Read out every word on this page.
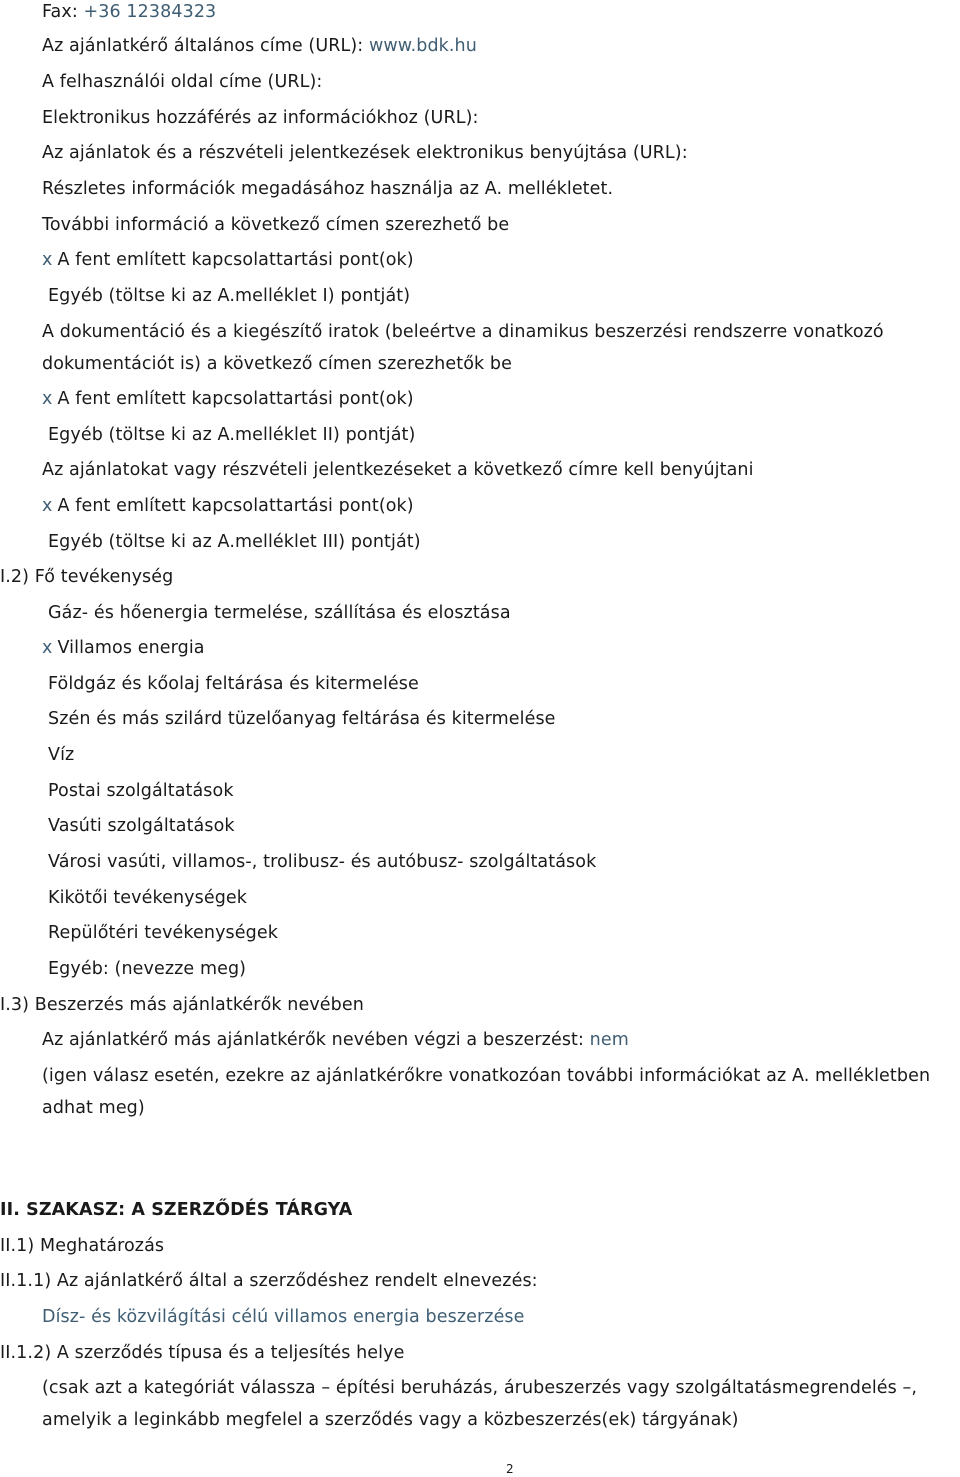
Fax: +36 12384323
Az ajánlatkérő általános címe (URL): www.bdk.hu
A felhasználói oldal címe (URL):
Elektronikus hozzáférés az információkhoz (URL):
Az ajánlatok és a részvételi jelentkezések elektronikus benyújtása (URL):
Részletes információk megadásához használja az A. mellékletet.
További információ a következő címen szerezhető be
x A fent említett kapcsolattartási pont(ok)
Egyéb (töltse ki az A.melléklet I) pontját)
A dokumentáció és a kiegészítő iratok (beleértve a dinamikus beszerzési rendszerre vonatkozó
dokumentációt is) a következő címen szerezhetők be
x A fent említett kapcsolattartási pont(ok)
Egyéb (töltse ki az A.melléklet II) pontját)
Az ajánlatokat vagy részvételi jelentkezéseket a következő címre kell benyújtani
x A fent említett kapcsolattartási pont(ok)
Egyéb (töltse ki az A.melléklet III) pontját)
I.2) Fő tevékenység
Gáz- és hőenergia termelése, szállítása és elosztása
x Villamos energia
Földgáz és kőolaj feltárása és kitermelése
Szén és más szilárd tüzelőanyag feltárása és kitermelése
Víz
Postai szolgáltatások
Vasúti szolgáltatások
Városi vasúti, villamos-, trolibusz- és autóbusz- szolgáltatások
Kikötői tevékenységek
Repülőtéri tevékenységek
Egyéb: (nevezze meg)
I.3) Beszerzés más ajánlatkérők nevében
Az ajánlatkérő más ajánlatkérők nevében végzi a beszerzést: nem
(igen válasz esetén, ezekre az ajánlatkérőkre vonatkozóan további információkat az A. mellékletben
adhat meg)
II. SZAKASZ: A SZERZŐDÉS TÁRGYA
II.1) Meghatározás
II.1.1) Az ajánlatkérő által a szerződéshez rendelt elnevezés:
Dísz- és közvilágítási célú villamos energia beszerzése
II.1.2) A szerződés típusa és a teljesítés helye
(csak azt a kategóriát válassza – építési beruházás, árubeszerzés vagy szolgáltatásmegrendelés –,
amelyik a leginkább megfelel a szerződés vagy a közbeszerzés(ek) tárgyának)
2
